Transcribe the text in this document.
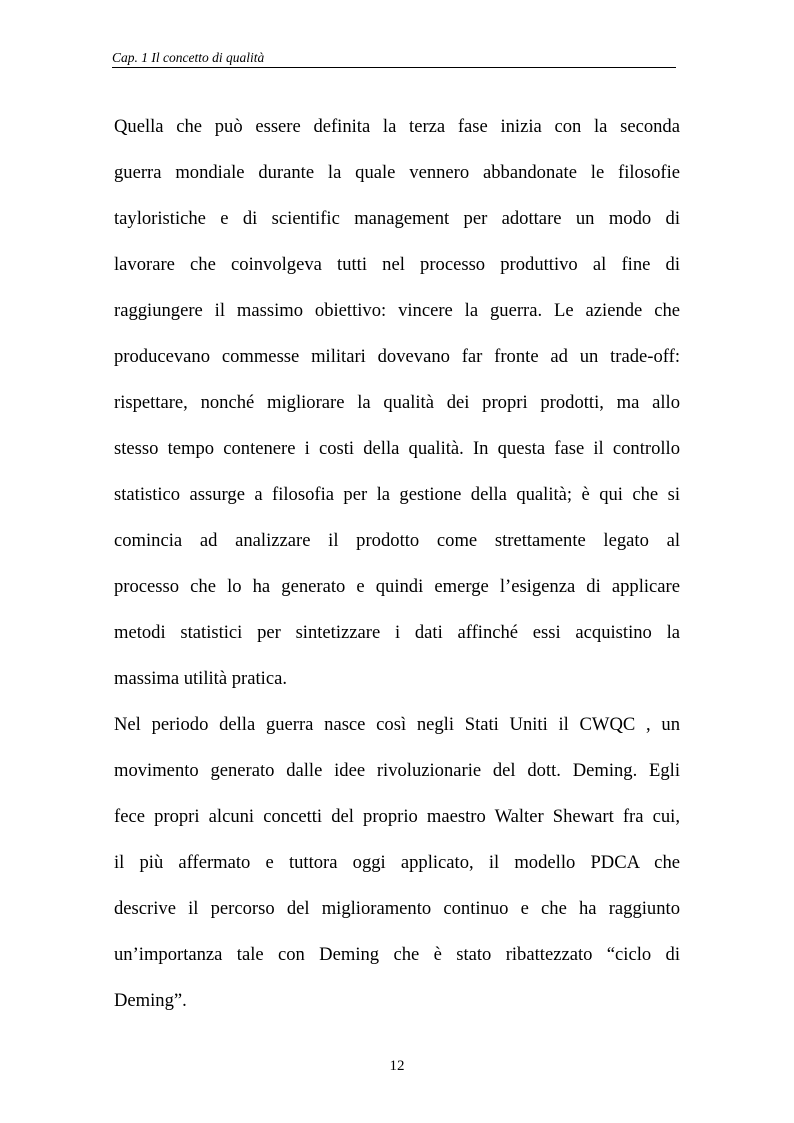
Cap. 1 Il concetto di qualità
Quella che può essere definita la terza fase inizia con la seconda
guerra mondiale durante la quale vennero abbandonate le filosofie
tayloristiche e di scientific management per adottare un modo di
lavorare che coinvolgeva tutti nel processo produttivo al fine di
raggiungere il massimo obiettivo: vincere la guerra. Le aziende che
producevano commesse militari dovevano far fronte ad un trade-off:
rispettare, nonché migliorare la qualità dei propri prodotti, ma allo
stesso tempo contenere i costi della qualità. In questa fase il controllo
statistico assurge a filosofia per la gestione della qualità; è qui che si
comincia ad analizzare il prodotto come strettamente legato al
processo che lo ha generato e quindi emerge l’esigenza di applicare
metodi statistici per sintetizzare i dati affinché essi acquistino la
massima utilità pratica.
Nel periodo della guerra nasce così negli Stati Uniti il CWQC , un
movimento generato dalle idee rivoluzionarie del dott. Deming. Egli
fece propri alcuni concetti del proprio maestro Walter Shewart fra cui,
il più affermato e tuttora oggi applicato, il modello PDCA che
descrive il percorso del miglioramento continuo e che ha raggiunto
un’importanza tale con Deming che è stato ribattezzato “ciclo di
Deming”.
12
